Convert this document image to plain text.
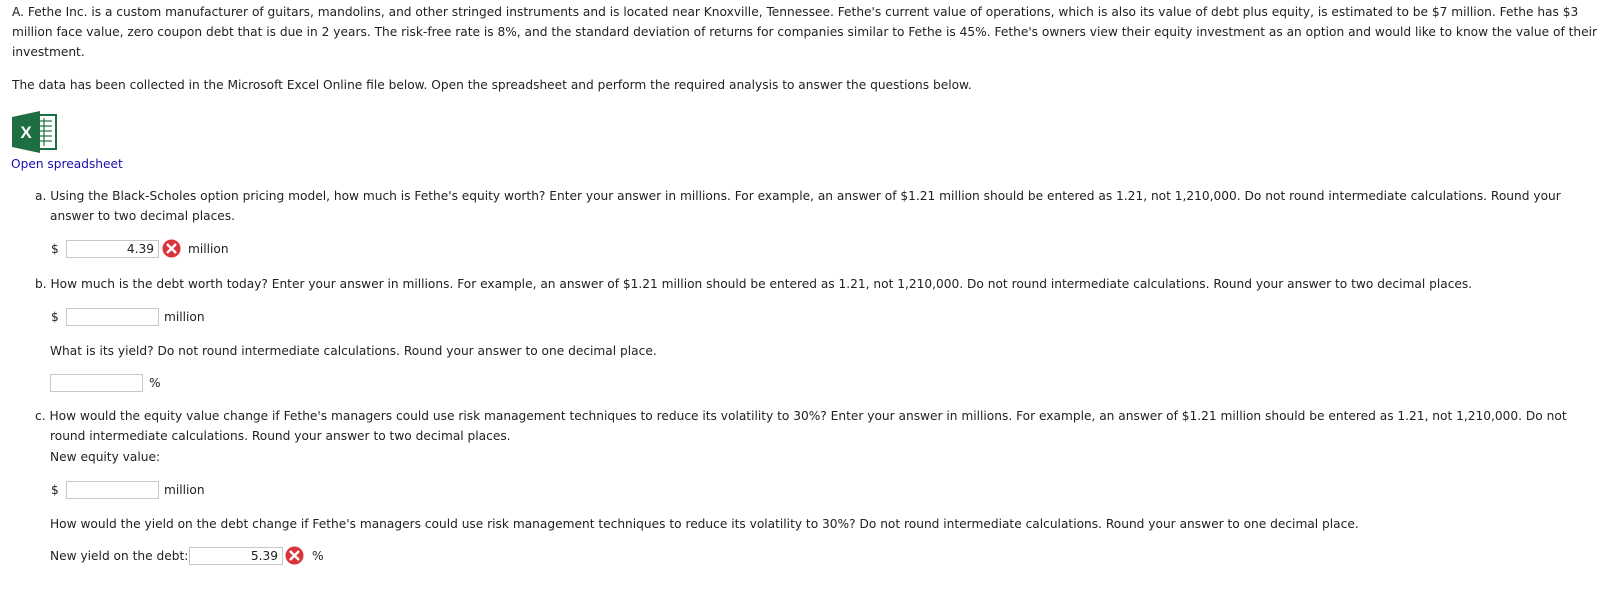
A. Fethe Inc. is a custom manufacturer of guitars, mandolins, and other stringed instruments and is located near Knoxville, Tennessee. Fethe's current value of operations, which is also its value of debt plus equity, is estimated to be $7 million. Fethe has $3
million face value, zero coupon debt that is due in 2 years. The risk-free rate is 8%, and the standard deviation of returns for companies similar to Fethe is 45%. Fethe's owners view their equity investment as an option and would like to know the value of their
investment.
The data has been collected in the Microsoft Excel Online file below. Open the spreadsheet and perform the required analysis to answer the questions below.
X
Open spreadsheet
a. Using the Black-Scholes option pricing model, how much is Fethe's equity worth? Enter your answer in millions. For example, an answer of $1.21 million should be entered as 1.21, not 1,210,000. Do not round intermediate calculations. Round your
answer to two decimal places.
$
4.39	million
b. How much is the debt worth today? Enter your answer in millions. For example, an answer of $1.21 million should be entered as 1.21, not 1,210,000. Do not round intermediate calculations. Round your answer to two decimal places.
$	million
What is its yield? Do not round intermediate calculations. Round your answer to one decimal place.
%
c. How would the equity value change if Fethe's managers could use risk management techniques to reduce its volatility to 30%? Enter your answer in millions. For example, an answer of $1.21 million should be entered as 1.21, not 1,210,000. Do not
round intermediate calculations. Round your answer to two decimal places.
New equity value:
$	million
How would the yield on the debt change if Fethe's managers could use risk management techniques to reduce its volatility to 30%? Do not round intermediate calculations. Round your answer to one decimal place.
New yield on the debt:
5.39	%
